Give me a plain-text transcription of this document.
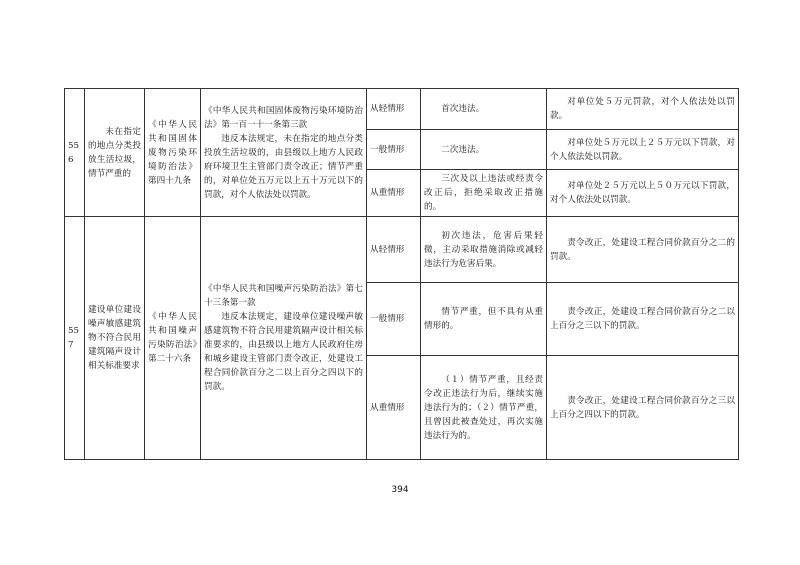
556	未在指定的地点分类投放生活垃圾，情节严重的	《中华人民共和国固体废物污染环境防治法》第四十九条	《中华人民共和国固体废物污染环境防治法》第一百一十一条第三款
违反本法规定，未在指定的地点分类投放生活垃圾的，由县级以上地方人民政府环境卫生主管部门责令改正；情节严重的，对单位处五万元以上五十万元以下的罚款，对个人依法处以罚款。	从轻情形	首次违法。	对单位处５万元罚款，对个人依法处以罚款。
				一般情形	二次违法。	对单位处５万元以上２５万元以下罚款，对个人依法处以罚款。
				从重情形	三次及以上违法或经责令改正后，拒绝采取改正措施的。	对单位处２５万元以上５０万元以下罚款，对个人依法处以罚款。
557	建设单位建设噪声敏感建筑物不符合民用建筑隔声设计相关标准要求	《中华人民共和国噪声污染防治法》第二十六条	《中华人民共和国噪声污染防治法》第七十三条第一款
违反本法规定，建设单位建设噪声敏感建筑物不符合民用建筑隔声设计相关标准要求的，由县级以上地方人民政府住房和城乡建设主管部门责令改正，处建设工程合同价款百分之二以上百分之四以下的罚款。	从轻情形	初次违法，危害后果轻微，主动采取措施消除或减轻违法行为危害后果。	责令改正，处建设工程合同价款百分之二的罚款。
				一般情形	情节严重，但不具有从重情形的。	责令改正，处建设工程合同价款百分之二以上百分之三以下的罚款。
				从重情形	（１）情节严重，且经责令改正违法行为后，继续实施违法行为的；（２）情节严重，且曾因此被查处过，再次实施违法行为的。	责令改正，处建设工程合同价款百分之三以上百分之四以下的罚款。
394
